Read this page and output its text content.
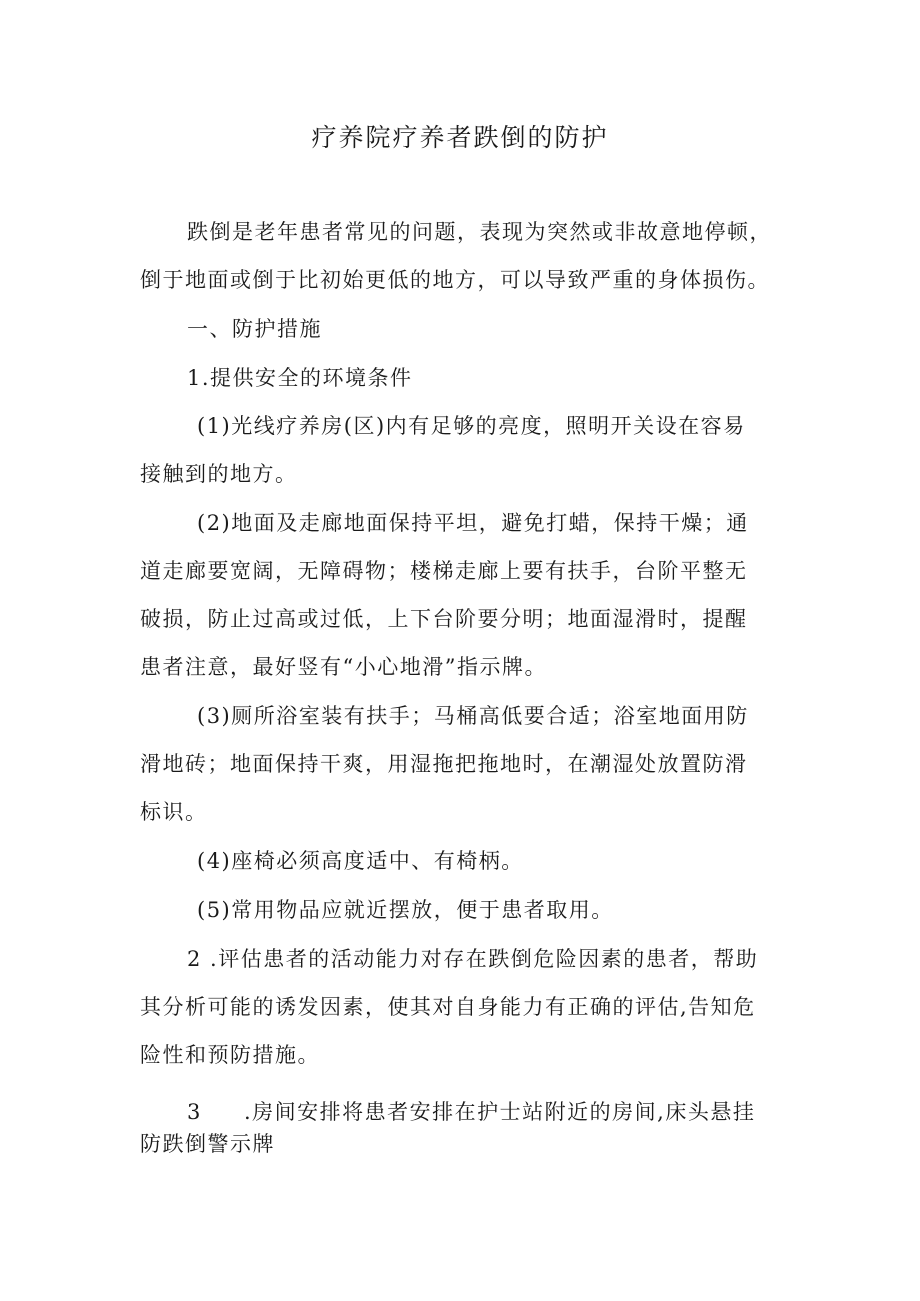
疗养院疗养者跌倒的防护
跌倒是老年患者常见的问题，表现为突然或非故意地停顿，
倒于地面或倒于比初始更低的地方，可以导致严重的身体损伤。
一、防护措施
1.提供安全的环境条件
(1)光线疗养房(区)内有足够的亮度，照明开关设在容易
接触到的地方。
(2)地面及走廊地面保持平坦，避免打蜡，保持干燥；通
道走廊要宽阔，无障碍物；楼梯走廊上要有扶手，台阶平整无
破损，防止过高或过低，上下台阶要分明；地面湿滑时，提醒
患者注意，最好竖有“小心地滑”指示牌。
(3)厕所浴室装有扶手；马桶高低要合适；浴室地面用防
滑地砖；地面保持干爽，用湿拖把拖地时，在潮湿处放置防滑
标识。
(4)座椅必须高度适中、有椅柄。
(5)常用物品应就近摆放，便于患者取用。
2 .评估患者的活动能力对存在跌倒危险因素的患者，帮助
其分析可能的诱发因素，使其对自身能力有正确的评估,告知危
险性和预防措施。
3 .房间安排将患者安排在护士站附近的房间,床头悬挂
防跌倒警示牌
